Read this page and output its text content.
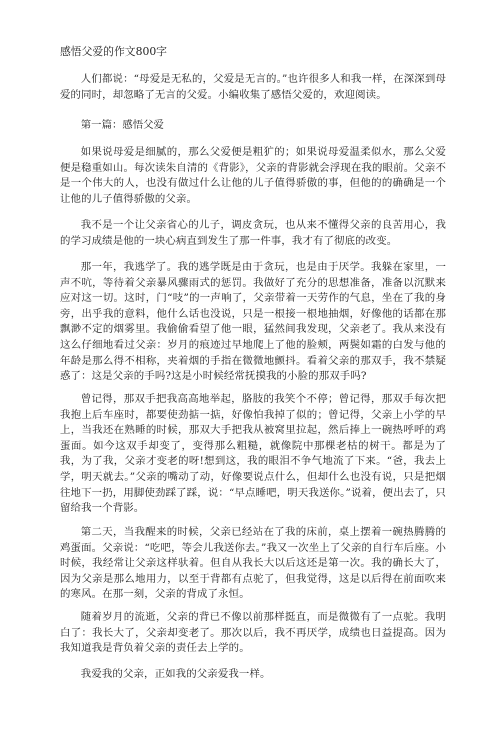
感悟父爱的作文800字

人们都说：“母爱是无私的，父爱是无言的。”也许很多人和我一样，在深深到母爱的同时，却忽略了无言的父爱。小编收集了感悟父爱的，欢迎阅读。

第一篇：感悟父爱

如果说母爱是细腻的，那么父爱便是粗犷的；如果说母爱温柔似水，那么父爱便是稳重如山。每次读朱自清的《背影》，父亲的背影就会浮现在我的眼前。父亲不是一个伟大的人，也没有做过什么让他的儿子值得骄傲的事，但他的的确确是一个让他的儿子值得骄傲的父亲。

我不是一个让父亲省心的儿子，调皮贪玩，也从来不懂得父亲的良苦用心，我的学习成绩是他的一块心病直到发生了那一件事，我才有了彻底的改变。

那一年，我逃学了。我的逃学既是由于贪玩，也是由于厌学。我躲在家里，一声不吭，等待着父亲暴风骤雨式的惩罚。我做好了充分的思想准备，准备以沉默来应对这一切。这时，门“吱”的一声响了，父亲带着一天劳作的气息，坐在了我的身旁，出乎我的意料，他什么话也没说，只是一根接一根地抽烟，好像他的话都在那飘渺不定的烟雾里。我偷偷看望了他一眼，猛然间我发现，父亲老了。我从来没有这么仔细地看过父亲：岁月的痕迹过早地爬上了他的脸颊，两鬓如霜的白发与他的年龄是那么得不相称，夹着烟的手指在微微地颤抖。看着父亲的那双手，我不禁疑惑了：这是父亲的手吗?这是小时候经常抚摸我的小脸的那双手吗?

曾记得，那双手把我高高地举起，胳肢的我笑个不停；曾记得，那双手每次把我抱上后车座时，都要使劲掂一掂，好像怕我掉了似的；曾记得，父亲上小学的早上，当我还在熟睡的时候，那双大手把我从被窝里拉起，然后捧上一碗热呼呼的鸡蛋面。如今这双手却变了，变得那么粗糙，就像院中那棵老枯的树干。都是为了我，为了我，父亲才变老的呀!想到这，我的眼泪不争气地流了下来。“爸，我去上学，明天就去。”父亲的嘴动了动，好像要说点什么，但却什么也没有说，只是把烟往地下一扔，用脚使劲踩了踩，说：“早点睡吧，明天我送你。”说着，便出去了，只留给我一个背影。

第二天，当我醒来的时候，父亲已经站在了我的床前，桌上摆着一碗热腾腾的鸡蛋面。父亲说：“吃吧，等会儿我送你去。”我又一次坐上了父亲的自行车后座。小时候，我经常让父亲这样驮着。但自从我长大以后这还是第一次。我的确长大了，因为父亲是那么地用力，以至于背都有点驼了，但我觉得，这是以后得在前面吹来的寒风。在那一刻，父亲的背成了永恒。

随着岁月的流逝，父亲的背已不像以前那样挺直，而是微微有了一点驼。我明白了：我长大了，父亲却变老了。那次以后，我不再厌学，成绩也日益提高。因为我知道我是背负着父亲的责任去上学的。

我爱我的父亲，正如我的父亲爱我一样。
